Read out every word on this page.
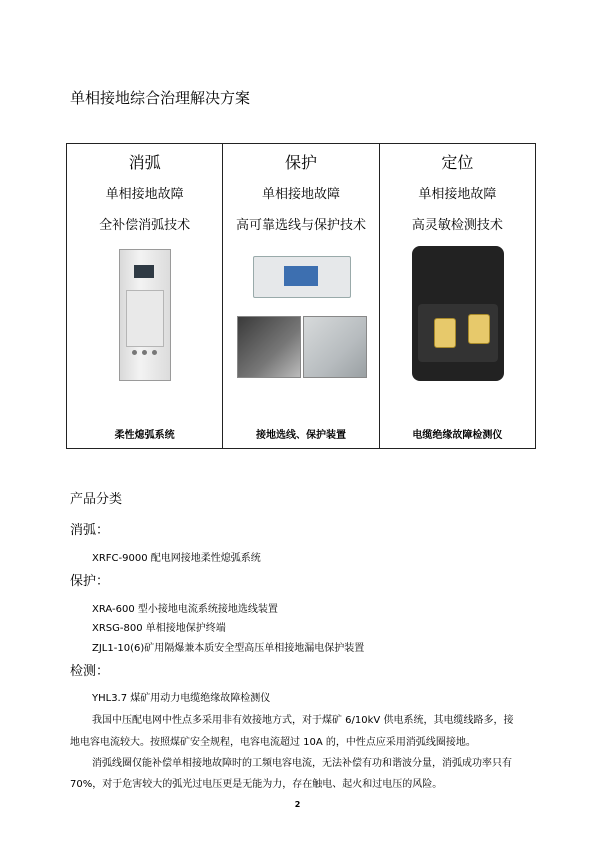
单相接地综合治理解决方案
消弧
单相接地故障
全补偿消弧技术
柔性熄弧系统

保护
单相接地故障
高可靠选线与保护技术
接地选线、保护装置

定位
单相接地故障
高灵敏检测技术
电缆绝缘故障检测仪
产品分类
消弧：
XRFC-9000 配电网接地柔性熄弧系统
保护：
XRA-600 型小接地电流系统接地选线装置
XRSG-800 单相接地保护终端
ZJL1-10(6)矿用隔爆兼本质安全型高压单相接地漏电保护装置
检测：
YHL3.7 煤矿用动力电缆绝缘故障检测仪
我国中压配电网中性点多采用非有效接地方式，对于煤矿 6/10kV 供电系统，其电缆线路多，接
地电容电流较大。按照煤矿安全规程，电容电流超过 10A 的，中性点应采用消弧线圈接地。
消弧线圈仅能补偿单相接地故障时的工频电容电流，无法补偿有功和谐波分量，消弧成功率只有
70%，对于危害较大的弧光过电压更是无能为力，存在触电、起火和过电压的风险。
2
